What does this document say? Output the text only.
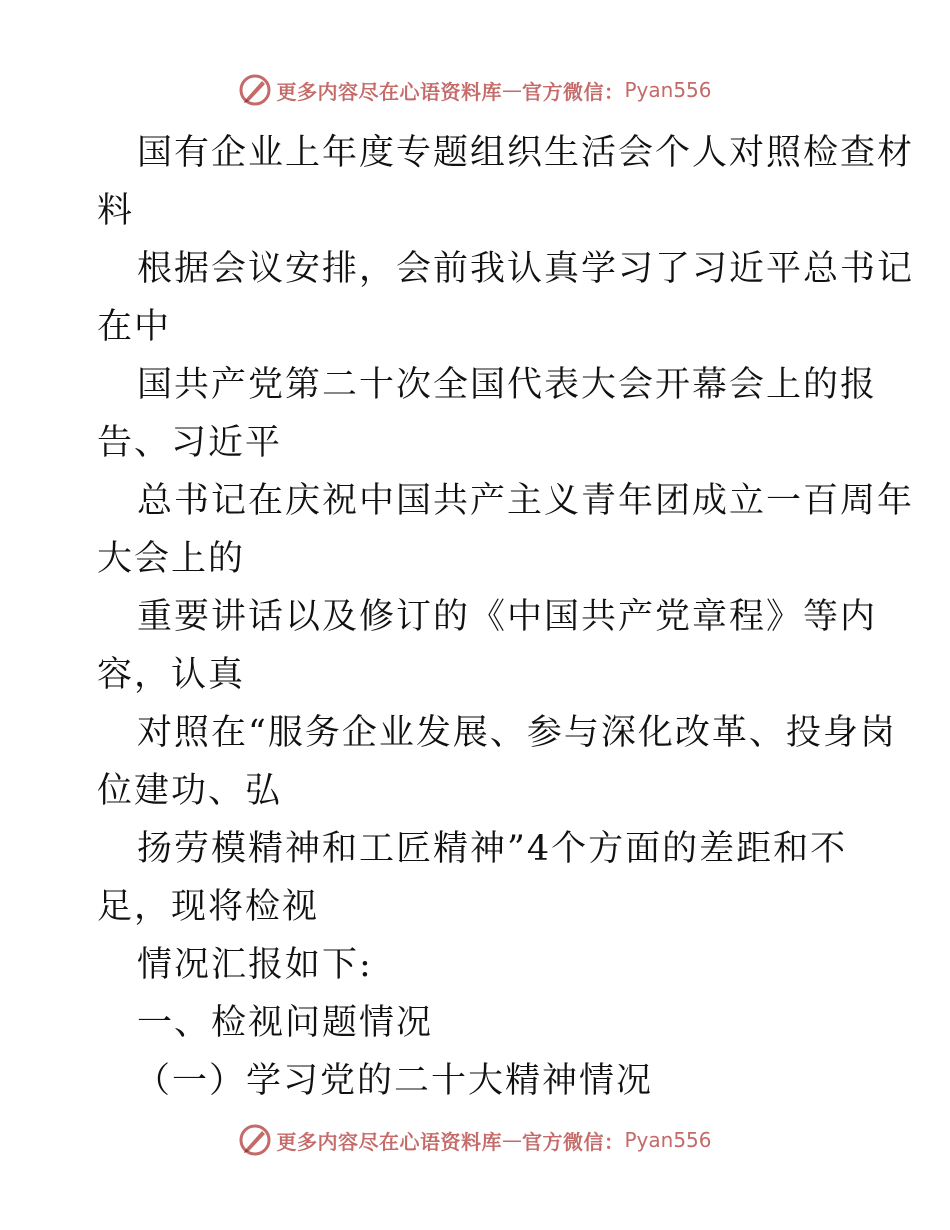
更多内容尽在心语资料库 — 官方微信： Pyan556
国有企业上年度专题组织生活会个人对照检查材
料
根据会议安排，会前我认真学习了习近平总书记
在中
国共产党第二十次全国代表大会开幕会上的报
告、习近平
总书记在庆祝中国共产主义青年团成立一百周年
大会上的
重要讲话以及修订的《中国共产党章程》等内
容，认真
对照在“服务企业发展、参与深化改革、投身岗
位建功、弘
扬劳模精神和工匠精神”4个方面的差距和不
足，现将检视
情况汇报如下:
一、检视问题情况
（一）学习党的二十大精神情况
更多内容尽在心语资料库 — 官方微信： Pyan556
